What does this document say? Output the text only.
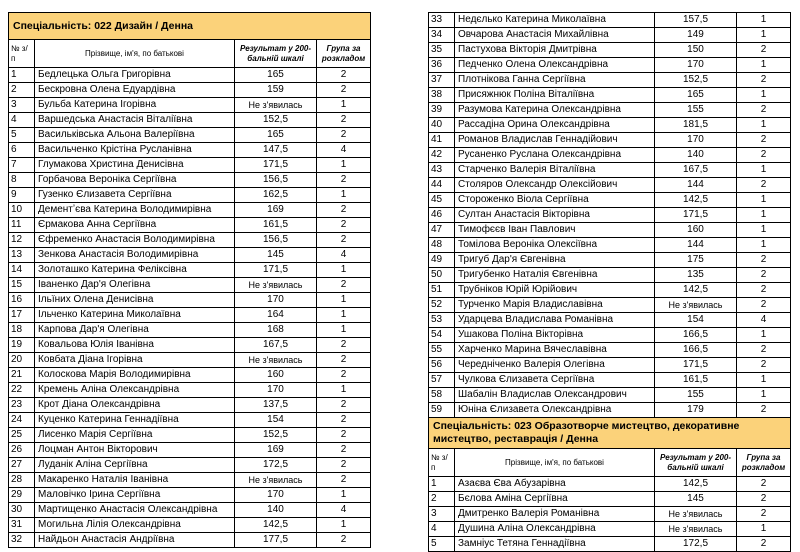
Спеціальність: 022 Дизайн / Денна			
№ з/п	Прізвище, ім'я, по батькові	Результат у 200-бальній шкалі	Група за розкладом
1	Бедлецька Ольга Григорівна	165	2
2	Бескровна Олена Едуардівна	159	2
3	Бульба Катерина Ігорівна	Не з'явилась	1
4	Варшедська Анастасія Віталіївна	152,5	2
5	Васильківська Альона Валеріївна	165	2
6	Васильченко Крістіна Русланівна	147,5	4
7	Глумакова Христина Денисівна	171,5	1
8	Горбачова Вероніка Сергіївна	156,5	2
9	Гузенко Єлизавета Сергіївна	162,5	1
10	Дементʼєва Катерина Володимирівна	169	2
11	Єрмакова Анна Сергіївна	161,5	2
12	Єфременко Анастасія Володимирівна	156,5	2
13	Зенкова Анастасія Володимирівна	145	4
14	Золоташко Катерина Феліксівна	171,5	1
15	Іваненко Дар'я Олегівна	Не з'явилась	2
16	Ільїних Олена Денисівна	170	1
17	Ільченко Катерина Миколаївна	164	1
18	Карпова Дар'я Олегівна	168	1
19	Ковальова Юлія Іванівна	167,5	2
20	Ковбата Діана Ігорівна	Не з'явилась	2
21	Колоскова Марія Володимирівна	160	2
22	Кремень Аліна Олександрівна	170	1
23	Крот Діана Олександрівна	137,5	2
24	Куценко Катерина Геннадіївна	154	2
25	Лисенко Марія Сергіївна	152,5	2
26	Лоцман Антон Вікторович	169	2
27	Луданік Аліна Сергіївна	172,5	2
28	Макаренко Наталія Іванівна	Не з'явилась	2
29	Маловічко Ірина Сергіївна	170	1
30	Мартищенко Анастасія Олександрівна	140	4
31	Могильна Лілія Олександрівна	142,5	1
32	Найдьон Анастасія Андріївна	177,5	2
33	Недєлько Катерина Миколаївна	157,5	1
34	Овчарова Анастасія Михайлівна	149	1
35	Пастухова Вікторія Дмитрівна	150	2
36	Педченко Олена Олександрівна	170	1
37	Плотнікова Ганна Сергіївна	152,5	2
38	Присяжнюк Поліна Віталіївна	165	1
39	Разумова Катерина Олександрівна	155	2
40	Рассадіна Орина Олександрівна	181,5	1
41	Романов Владислав Геннадійович	170	2
42	Русаненко Руслана Олександрівна	140	2
43	Старченко Валерія Віталіївна	167,5	1
44	Столяров Олександр Олексійович	144	2
45	Стороженко Віола Сергіївна	142,5	1
46	Султан Анастасія Вікторівна	171,5	1
47	Тимофєєв Іван Павлович	160	1
48	Томілова Вероніка Олексіївна	144	1
49	Тригуб Дар'я Євгенівна	175	2
50	Тригубенко Наталія Євгенівна	135	2
51	Трубніков Юрій Юрійович	142,5	2
52	Турченко Марія Владиславівна	Не з'явилась	2
53	Ударцева Владислава Романівна	154	4
54	Ушакова Поліна Вікторівна	166,5	1
55	Харченко Марина Вячеславівна	166,5	2
56	Чередніченко Валерія Олегівна	171,5	2
57	Чулкова Єлизавета Сергіївна	161,5	1
58	Шабалін Владислав Олександрович	155	1
59	Юніна Єлизавета Олександрівна	179	2
Спеціальність: 023 Образотворче мистецтво, декоративне мистецтво, реставрація / Денна			
№ з/п	Прізвище, ім'я, по батькові	Результат у 200-бальній шкалі	Група за розкладом
1	Азаєва Єва Абузарівна	142,5	2
2	Бєлова Аміна Сергіївна	145	2
3	Дмитренко Валерія Романівна	Не з'явилась	2
4	Душина Аліна Олександрівна	Не з'явилась	1
5	Замнiус Тетяна Геннадіївна	172,5	2
